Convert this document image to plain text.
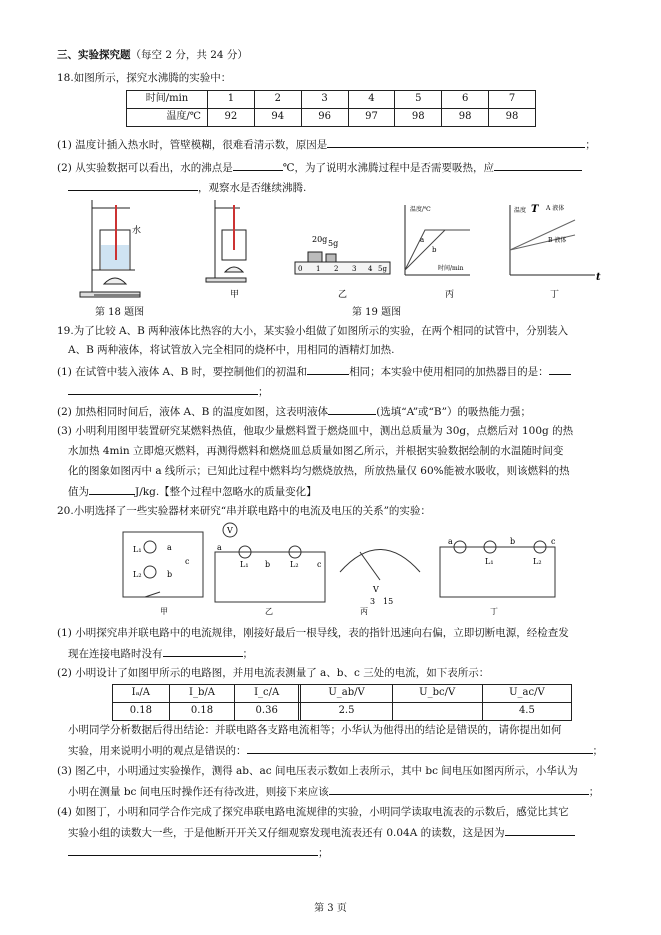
三、实验探究题（每空 2 分，共 24 分）
18.如图所示，探究水沸腾的实验中：
时间/min	1	2	3	4	5	6	7
温度/℃	92	94	96	97	98	98	98
(1) 温度计插入热水时，管壁模糊，很难看清示数，原因是	；
(2) 从实验数据可以看出，水的沸点是	℃，为了说明水沸腾过程中是否需要吸热，应
，观察水是否继续沸腾.
水
甲
20g 5g
0 1 2 3 4 5g
乙
温度/℃
时间/min
a
b
丙
温度 T A 液体
B 液体
t
丁
第 18 题图	第 19 题图
19.为了比较 A、B 两种液体比热容的大小，某实验小组做了如图所示的实验，在两个相同的试管中，分别装入
A、B 两种液体，将试管放入完全相同的烧杯中，用相同的酒精灯加热.
(1) 在试管中装入液体 A、B 时，要控制他们的初温和	相同；本实验中使用相同的加热器目的是：
；
(2) 加热相同时间后，液体 A、B 的温度如图，这表明液体	(选填“A”或“B”）的吸热能力强；
(3) 小明利用图甲装置研究某燃料热值，他取少量燃料置于燃烧皿中，测出总质量为 30g，点燃后对 100g 的热
水加热 4min 立即熄灭燃料，再测得燃料和燃烧皿总质量如图乙所示，并根据实验数据绘制的水温随时间变
化的图象如图丙中 a 线所示；已知此过程中燃料均匀燃烧放热，所放热量仅 60%能被水吸收，则该燃料的热
值为	J/kg.【整个过程中忽略水的质量变化】
20.小明选择了一些实验器材来研究“串并联电路中的电流及电压的关系”的实验：
L₁
L₂
a
b
c
甲
V
L₁	L₂
a
b	c
乙
V
3 15
丙
a
L₁
b
L₂
c
丁
(1) 小明探究串并联电路中的电流规律，刚接好最后一根导线，表的指针迅速向右偏，立即切断电源，经检查发
现在连接电路时没有	；
(2) 小明设计了如图甲所示的电路图，并用电流表测量了 a、b、c 三处的电流，如下表所示：
Iₐ/A	I_b/A	I_c/A		U_ab/V	U_bc/V	U_ac/V
0.18	0.18	0.36		2.5		4.5
小明同学分析数据后得出结论：并联电路各支路电流相等；小华认为他得出的结论是错误的，请你提出如何
实验，用来说明小明的观点是错误的：	；
(3) 图乙中，小明通过实验操作，测得 ab、ac 间电压表示数如上表所示，其中 bc 间电压如图丙所示，小华认为
小明在测量 bc 间电压时操作还有待改进，则接下来应该	；
(4) 如图丁，小明和同学合作完成了探究串联电路电流规律的实验，小明同学读取电流表的示数后，感觉比其它
实验小组的读数大一些，于是他断开开关又仔细观察发现电流表还有 0.04A 的读数，这是因为
；
第 3 页
